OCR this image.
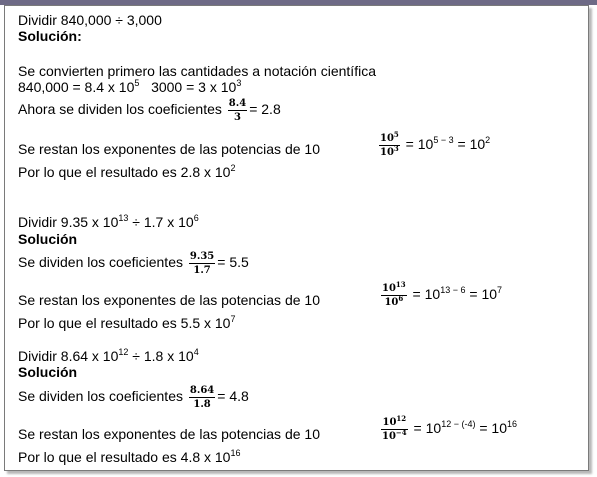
Dividir 840,000 ÷ 3,000
Solución:
Se convierten primero las cantidades a notación científica
840,000 = 8.4 x $10^5$ 3000 = 3 x $10^3$
Ahora se dividen los coeficientes $\frac{8.4}{3} = 2.8$
Se restan los exponentes de las potencias de 10	$\frac{10^5}{10^3} = 10^{5 - 3} = 10^2$
Por lo que el resultado es 2.8 x $10^2$
Dividir 9.35 x $10^{13} \div 1.7$ x $10^6$
Solución
Se dividen los coeficientes $\frac{9.35}{1.7} = 5.5$
Se restan los exponentes de las potencias de 10	$\frac{10^{13}}{10^6} = 10^{13 - 6} = 10^7$
Por lo que el resultado es 5.5 x $10^7$
Dividir 8.64 x $10^{12} \div 1.8$ x $10^4$
Solución
Se dividen los coeficientes $\frac{8.64}{1.8} = 4.8$
Se restan los exponentes de las potencias de 10	$\frac{10^{12}}{10^{-4}} = 10^{12 - (-4)} = 10^{16}$
Por lo que el resultado es 4.8 x $10^{16}$
